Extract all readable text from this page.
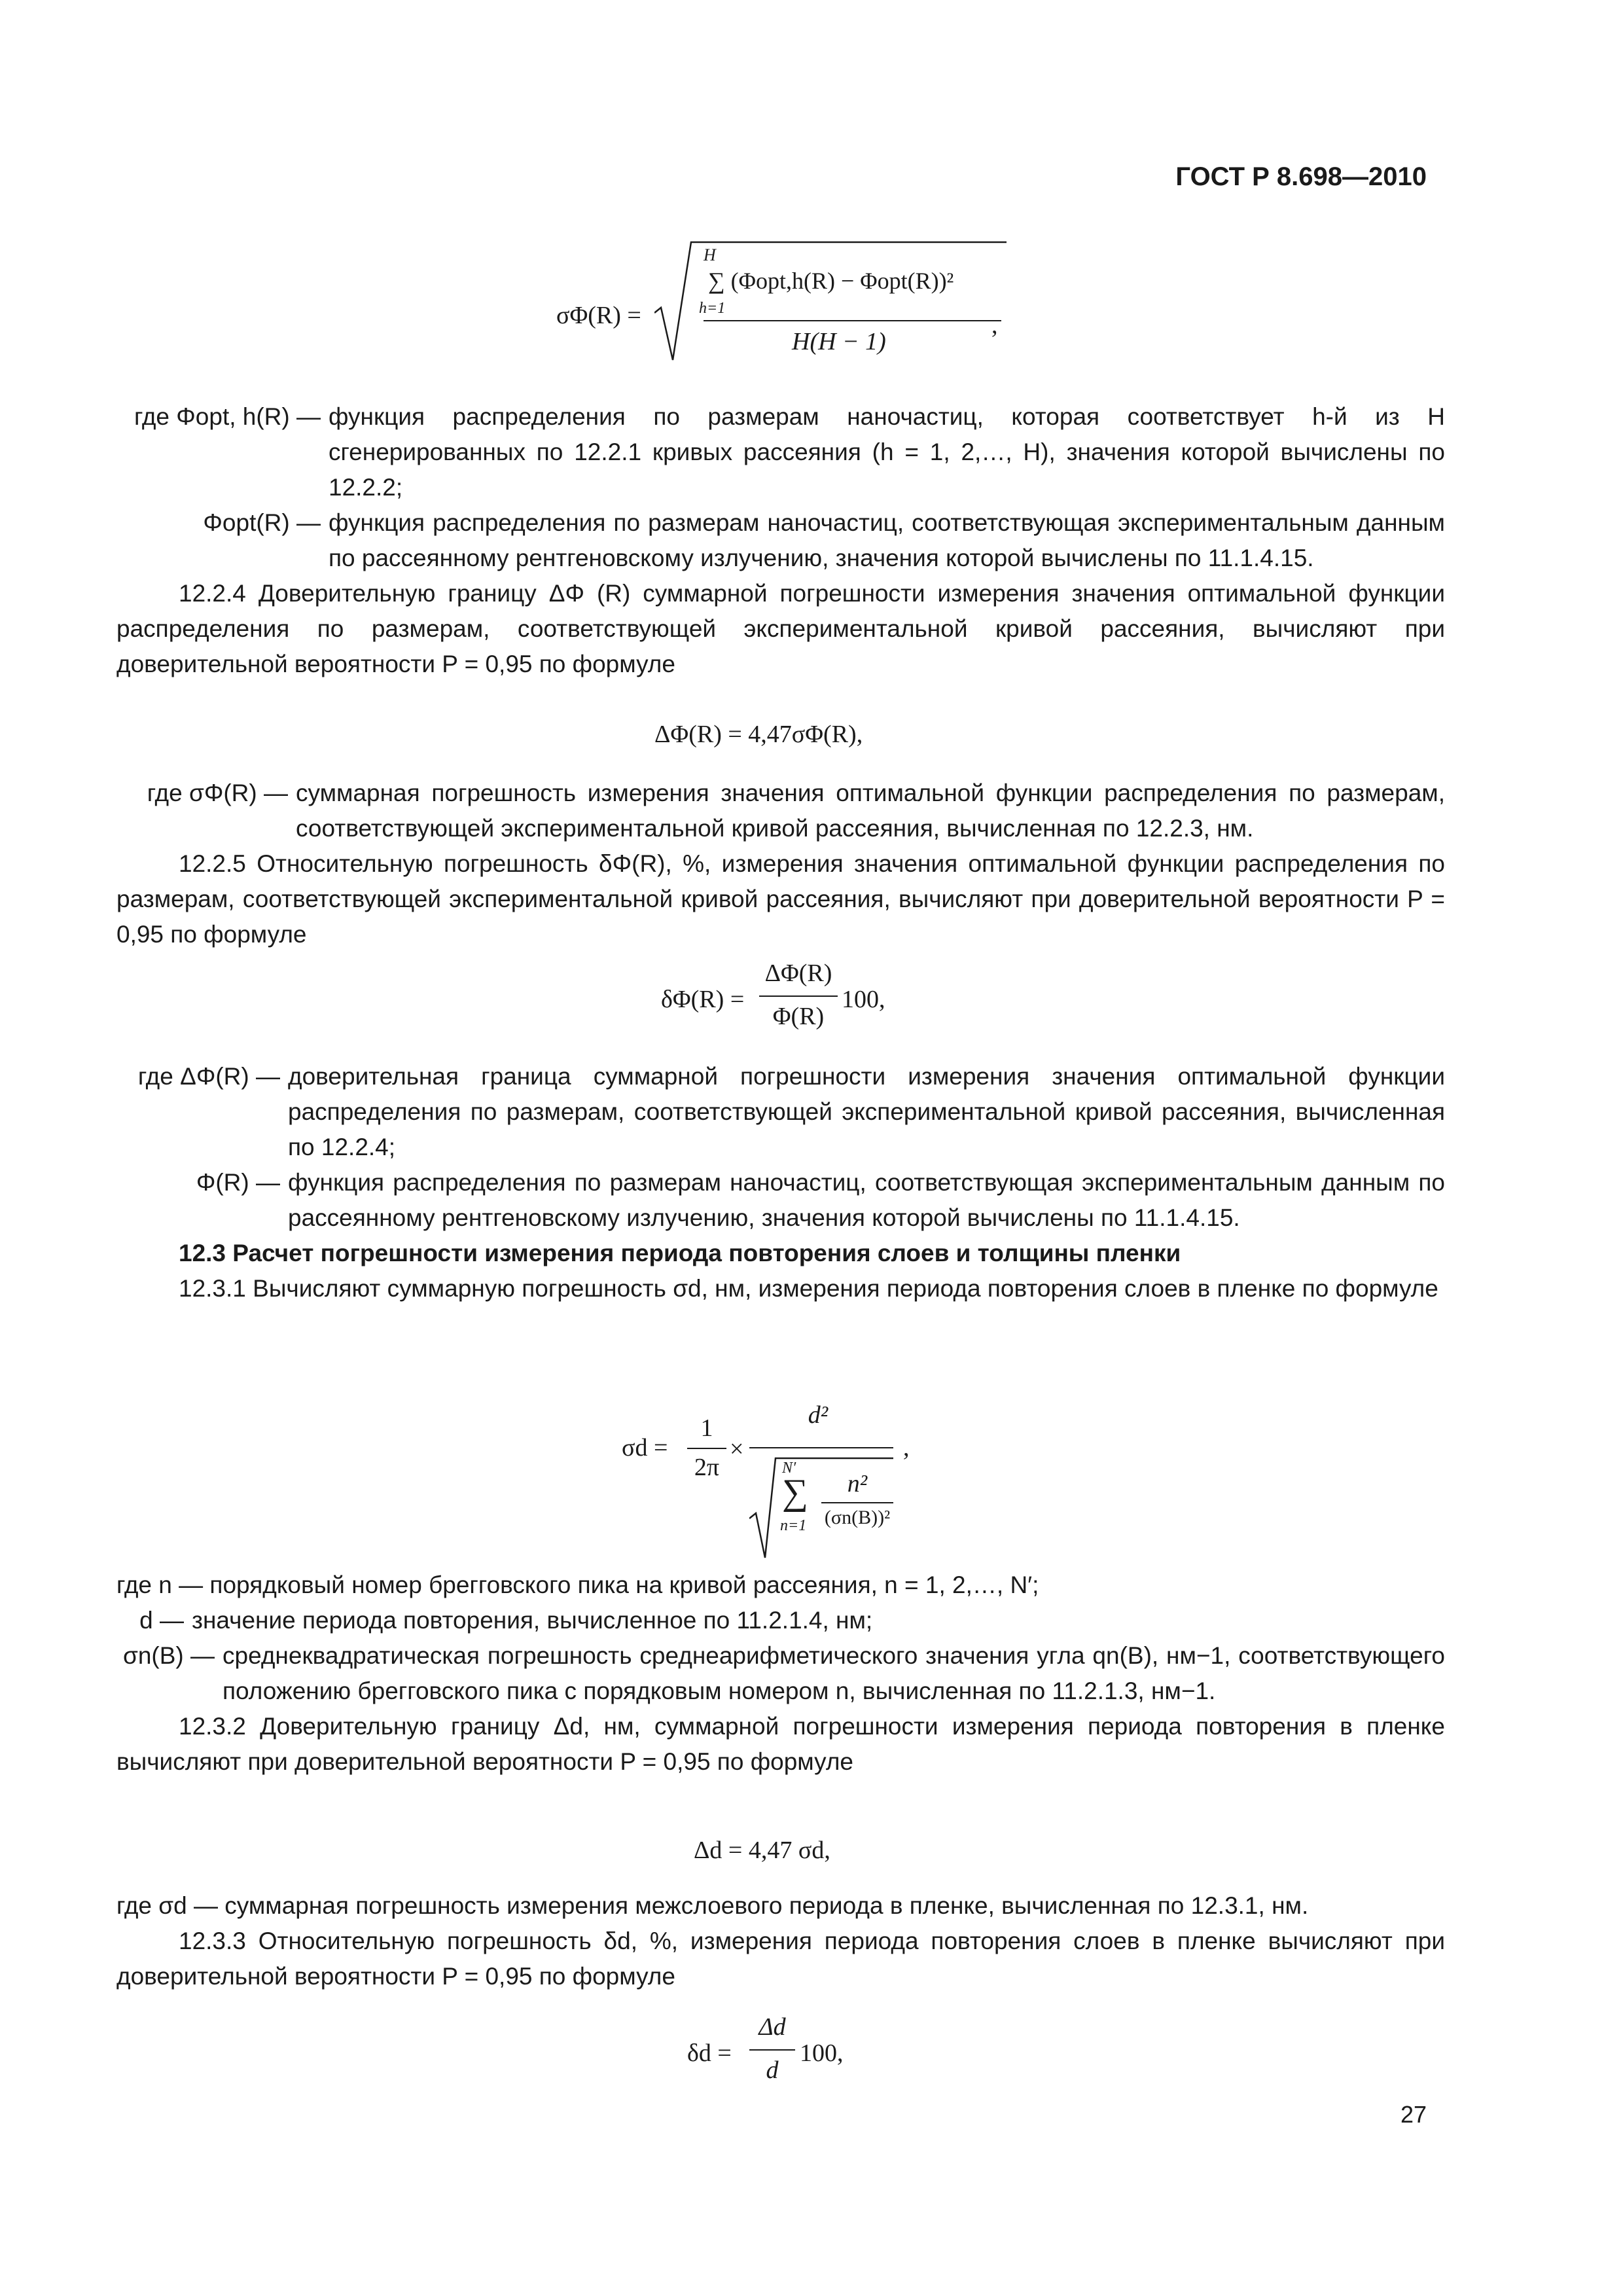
ГОСТ Р 8.698—2010
σΦ(R) =
H
∑ (Φopt,h(R) − Φopt(R))²
h=1
H(H − 1)
,
где Φopt, h(R) — функция распределения по размерам наночастиц, которая соответствует h-й из H сгенерированных по 12.2.1 кривых рассеяния (h = 1, 2,…, H), значения которой вычислены по 12.2.2;
Φopt(R) — функция распределения по размерам наночастиц, соответствующая экспериментальным данным по рассеянному рентгеновскому излучению, значения которой вычислены по 11.1.4.15.
12.2.4 Доверительную границу ΔΦ (R) суммарной погрешности измерения значения оптимальной функции распределения по размерам, соответствующей экспериментальной кривой рассеяния, вычисляют при доверительной вероятности P = 0,95 по формуле
ΔΦ(R) = 4,47σΦ(R),
где σΦ(R) — суммарная погрешность измерения значения оптимальной функции распределения по размерам, соответствующей экспериментальной кривой рассеяния, вычисленная по 12.2.3, нм.
12.2.5 Относительную погрешность δΦ(R), %, измерения значения оптимальной функции распределения по размерам, соответствующей экспериментальной кривой рассеяния, вычисляют при доверительной вероятности P = 0,95 по формуле
δΦ(R) =
ΔΦ(R)
Φ(R)
100,
где ΔΦ(R) — доверительная граница суммарной погрешности измерения значения оптимальной функции распределения по размерам, соответствующей экспериментальной кривой рассеяния, вычисленная по 12.2.4;
Φ(R) — функция распределения по размерам наночастиц, соответствующая экспериментальным данным по рассеянному рентгеновскому излучению, значения которой вычислены по 11.1.4.15.
12.3 Расчет погрешности измерения периода повторения слоев и толщины пленки
12.3.1 Вычисляют суммарную погрешность σd, нм, измерения периода повторения слоев в пленке по формуле
σd =
1
2π
×
d²
N′
∑
n=1
n²
(σn(B))²
,
где n — порядковый номер брегговского пика на кривой рассеяния, n = 1, 2,…, N′;
d — значение периода повторения, вычисленное по 11.2.1.4, нм;
σn(B) — среднеквадратическая погрешность среднеарифметического значения угла qn(B), нм−1, соответствующего положению брегговского пика с порядковым номером n, вычисленная по 11.2.1.3, нм−1.
12.3.2 Доверительную границу Δd, нм, суммарной погрешности измерения периода повторения в пленке вычисляют при доверительной вероятности P = 0,95 по формуле
Δd = 4,47 σd,
где σd — суммарная погрешность измерения межслоевого периода в пленке, вычисленная по 12.3.1, нм.
12.3.3 Относительную погрешность δd, %, измерения периода повторения слоев в пленке вычисляют при доверительной вероятности P = 0,95 по формуле
δd =
Δd
d
100,
27
